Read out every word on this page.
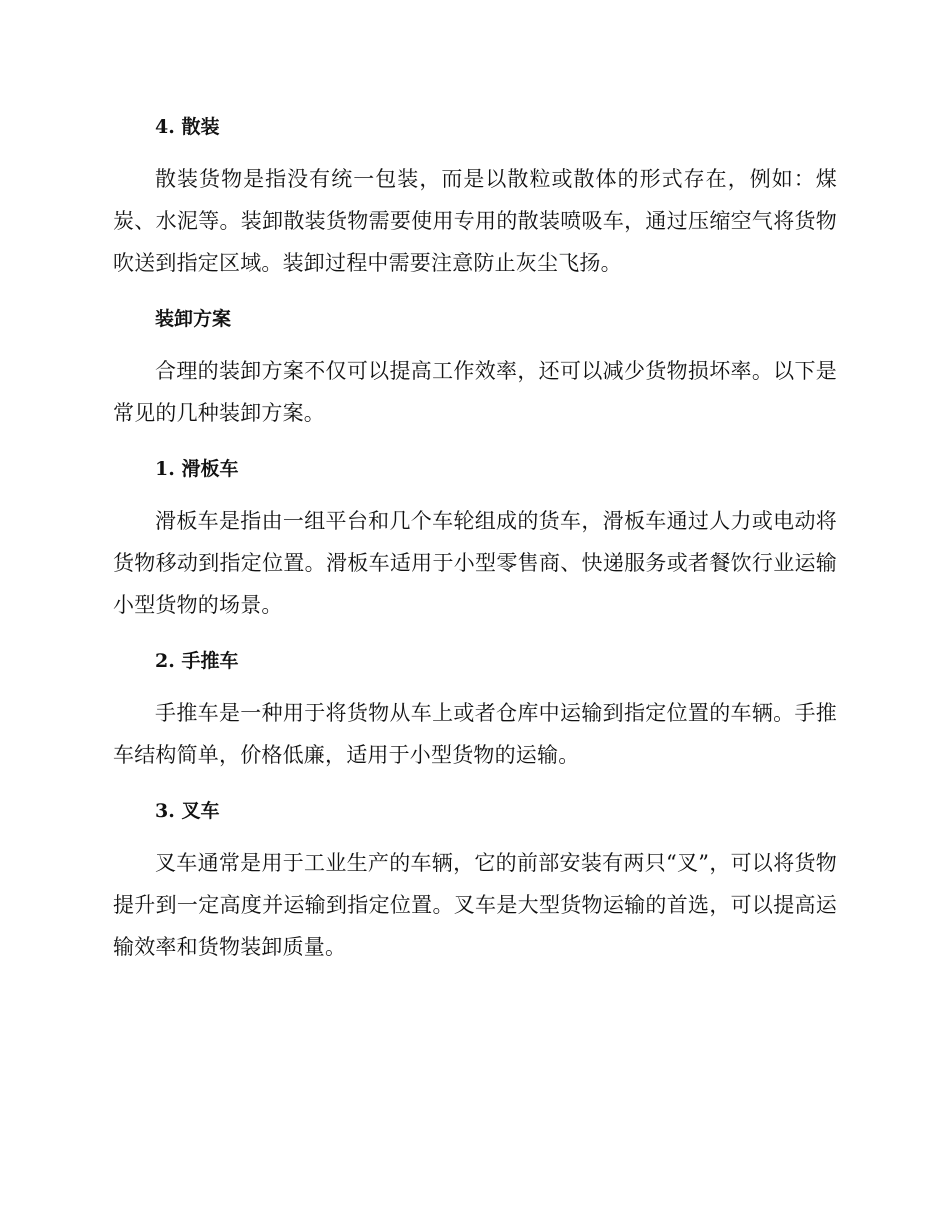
4. 散装

散装货物是指没有统一包装，而是以散粒或散体的形式存在，例如：煤炭、水泥等。装卸散装货物需要使用专用的散装喷吸车，通过压缩空气将货物吹送到指定区域。装卸过程中需要注意防止灰尘飞扬。

装卸方案

合理的装卸方案不仅可以提高工作效率，还可以减少货物损坏率。以下是常见的几种装卸方案。

1. 滑板车

滑板车是指由一组平台和几个车轮组成的货车，滑板车通过人力或电动将货物移动到指定位置。滑板车适用于小型零售商、快递服务或者餐饮行业运输小型货物的场景。

2. 手推车

手推车是一种用于将货物从车上或者仓库中运输到指定位置的车辆。手推车结构简单，价格低廉，适用于小型货物的运输。

3. 叉车

叉车通常是用于工业生产的车辆，它的前部安装有两只“叉”，可以将货物提升到一定高度并运输到指定位置。叉车是大型货物运输的首选，可以提高运输效率和货物装卸质量。
